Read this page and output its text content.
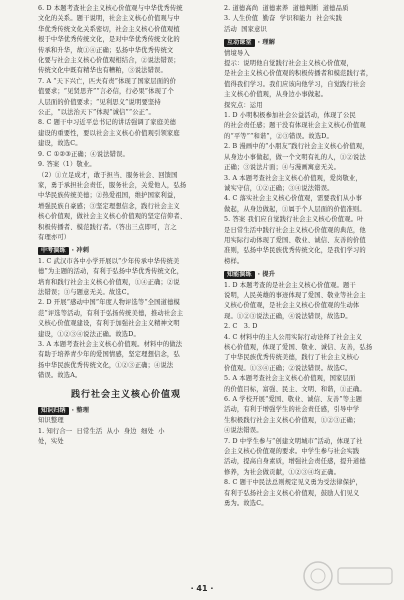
6. D 本题考查社会主义核心价值观与中华优秀传统

文化的关系。题干说明，社会主义核心价值观与中

华优秀传统文化关系密切，社会主义核心价值观植

根于中华优秀传统文化，是对中华优秀传统文化的

传承和升华，故①④正确；弘扬中华优秀传统文

化要与社会主义核心价值观相结合，②说法错误；

传统文化中既有精华也有糟粕，③说法错误。

7. A “天下兴亡，匹夫有责”体现了国家层面的价

值要求；“见贤思齐”“言必信，行必果”体现了个

人层面的价值要求；“见利思义”说明要坚持

公正，“以法治天下”体现“诚信”“公正”。

8. C 题干中习近平总书记的讲话强调了家庭美德

建设的重要性，要以社会主义核心价值观引领家庭

建设，故选C。

9. C ①②③正确；④说法错误。

9. 答案（1）敬业。

（2）①立足成才，敢于担当、服务社会、回馈国

家，勇于承担社会责任，服务社会，关爱他人，弘扬

中华民族传统美德；②热爱祖国，维护国家利益，

增强民族自豪感；③坚定理想信念，践行社会主义

核心价值观，做社会主义核心价值观的坚定信仰者、

积极传播者、模范践行者。（答出三点即可，言之

有理亦可）

中考演练 · 冲刺

1. C 武汉市各中小学开展以“少年传承中华传统美

德”为主题的活动，有利于弘扬中华优秀传统文化，

培育和践行社会主义核心价值观，①④正确；②说

法错误；③与题意无关。故选C。

2. D 开展“感动中国”年度人物评选等“全国道德模

范”评选等活动，有利于弘扬传统美德，推动社会主

义核心价值观建设，有利于加强社会主义精神文明

建设，①②③④说法正确。故选D。

3. A 本题考查社会主义核心价值观。材料中的做法

有助于培养青少年的爱国情感，坚定理想信念，弘

扬中华民族优秀传统文化，①②③正确；④说法

错误。故选A。

践行社会主义核心价值观
知识归纳 · 整理

知识整理

1. 知行合一  日常生活  从小  身边  细处  小

处，实处

2. 道德高尚  道德素养  道德判断  道德品质

3. 人生价值  勤奋  学识和能力  社会实践

活动  国家意识

互动课堂 · 理解

情境导入

提示：说明他自觉践行社会主义核心价值观，

是社会主义核心价值观的积极传播者和模范践行者，

值得我们学习。我们应该向他学习，自觉践行社会

主义核心价值观，从身边小事做起。

探究点：运用

1. D 小明积极参加社会公益活动，体现了公民

的社会责任感；题干没有体现社会主义核心价值观

的“平等”“和谐”，②③错误。故选D。

2. B 漫画中的“小朋友”践行社会主义核心价值观，

从身边小事做起，做一个文明有礼的人，①②说法

正确；③说法片面；④与漫画寓意无关。

3. A 本题考查社会主义核心价值观，爱岗敬业，

诚实守信，①②正确；③④说法错误。

4. C 落实社会主义核心价值观，需要我们从小事

做起，从身边做起，①属于个人层面的价值准则。

5. 答案 我们应自觉践行社会主义核心价值观。叶

是日常生活中践行社会主义核心价值观的典范，他

用实际行动体现了爱国、敬业、诚信、友善的价值

准则，弘扬中华民族优秀传统文化，是我们学习的

榜样。

知能演练 · 提升

1. D 本题考查的是社会主义核心价值观。题干

说明，人民英雄的事迹体现了爱国、敬业等社会主

义核心价值观，是社会主义核心价值观的生动体

现。①②③说法正确，④说法错误，故选D。

2. C   3. D

4. C 材料中的主人公用实际行动诠释了社会主义

核心价值观，体现了爱国、敬业、诚信、友善，弘扬

了中华民族优秀传统美德，践行了社会主义核心

价值观。①③④正确；②说法错误。故选C。

5. A 本题考查社会主义核心价值观，国家层面

的价值目标，富强、民主、文明、和谐，①正确。

6. A 学校开展“爱国、敬业、诚信、友善”等主题

活动，有利于增强学生的社会责任感，引导中学

生积极践行社会主义核心价值观，①②③正确；

④说法错误。

7. D 中学生参与“创建文明城市”活动，体现了社

会主义核心价值观的要求。中学生参与社会实践

活动，提高自身素质，增强社会责任感，提升道德

修养，为社会做贡献，①②③④均正确。

8. C 题干中民法总则规定见义勇为受法律保护，

有利于弘扬社会主义核心价值观，鼓励人们见义

勇为。故选C。

· 41 ·
